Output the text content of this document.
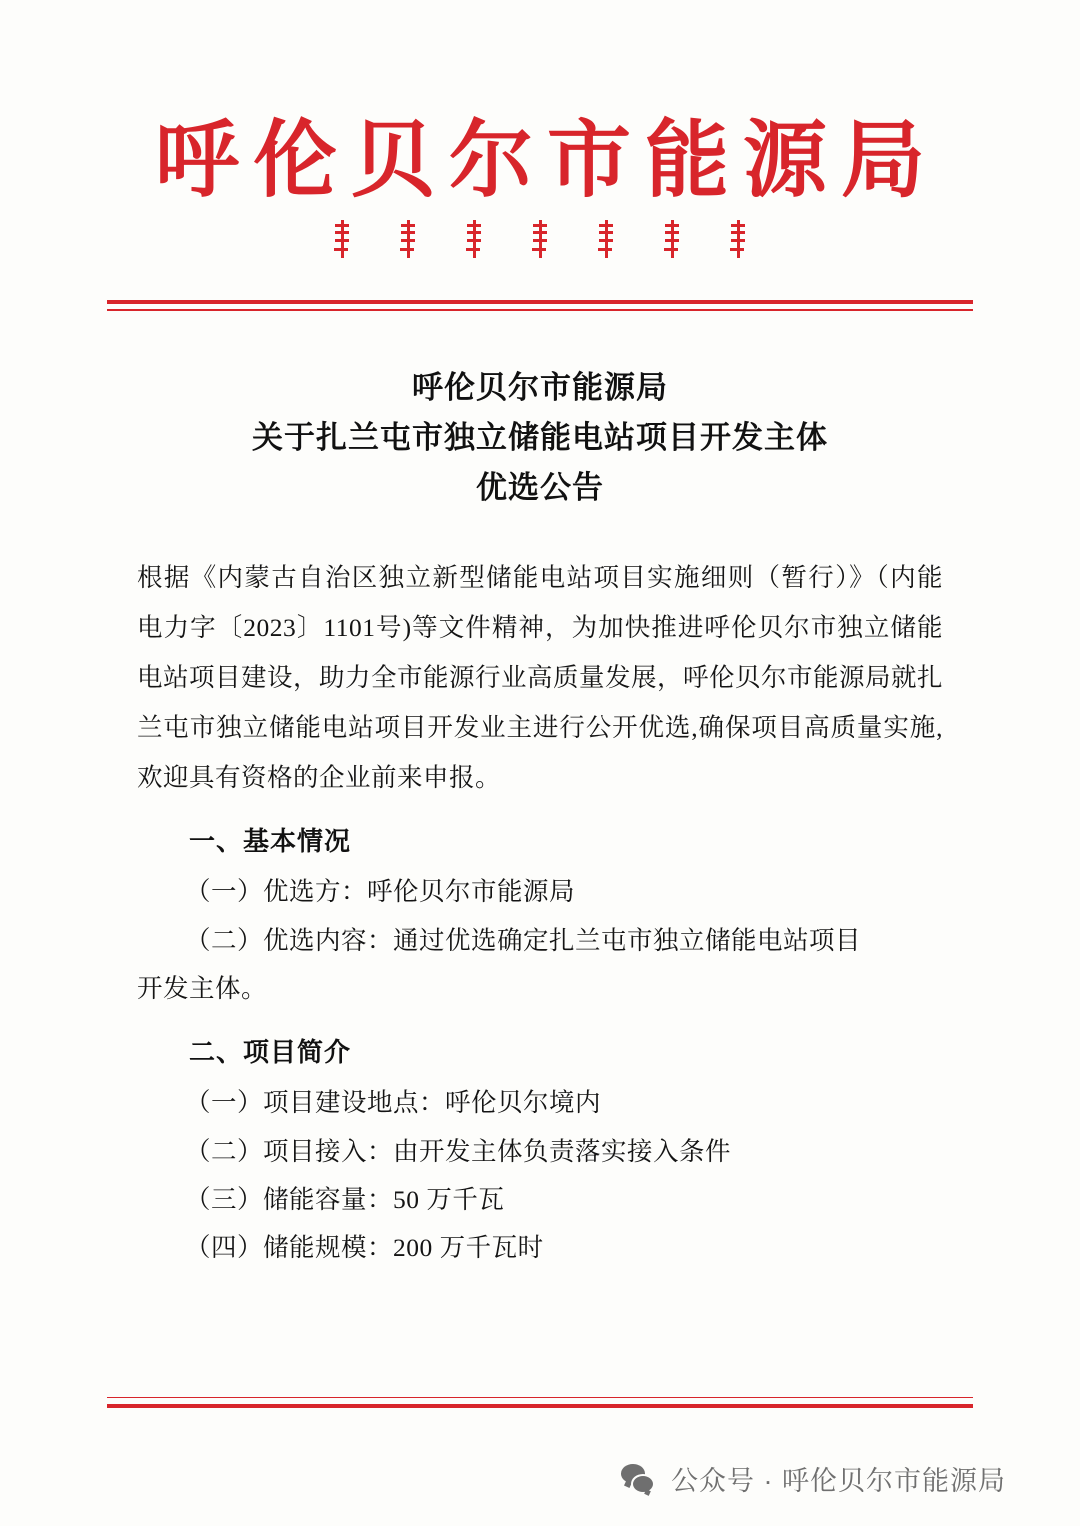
呼伦贝尔市能源局
呼伦贝尔市能源局
关于扎兰屯市独立储能电站项目开发主体
优选公告

根据《内蒙古自治区独立新型储能电站项目实施细则（暂行）》（内能电力字〔2023〕1101号)等文件精神，为加快推进呼伦贝尔市独立储能电站项目建设，助力全市能源行业高质量发展，呼伦贝尔市能源局就扎兰屯市独立储能电站项目开发业主进行公开优选,确保项目高质量实施,欢迎具有资格的企业前来申报。

一、基本情况

（一）优选方：呼伦贝尔市能源局

（二）优选内容：通过优选确定扎兰屯市独立储能电站项目

开发主体。

二、项目简介

（一）项目建设地点：呼伦贝尔境内

（二）项目接入：由开发主体负责落实接入条件

（三）储能容量：50 万千瓦

（四）储能规模：200 万千瓦时

公众号 · 呼伦贝尔市能源局
